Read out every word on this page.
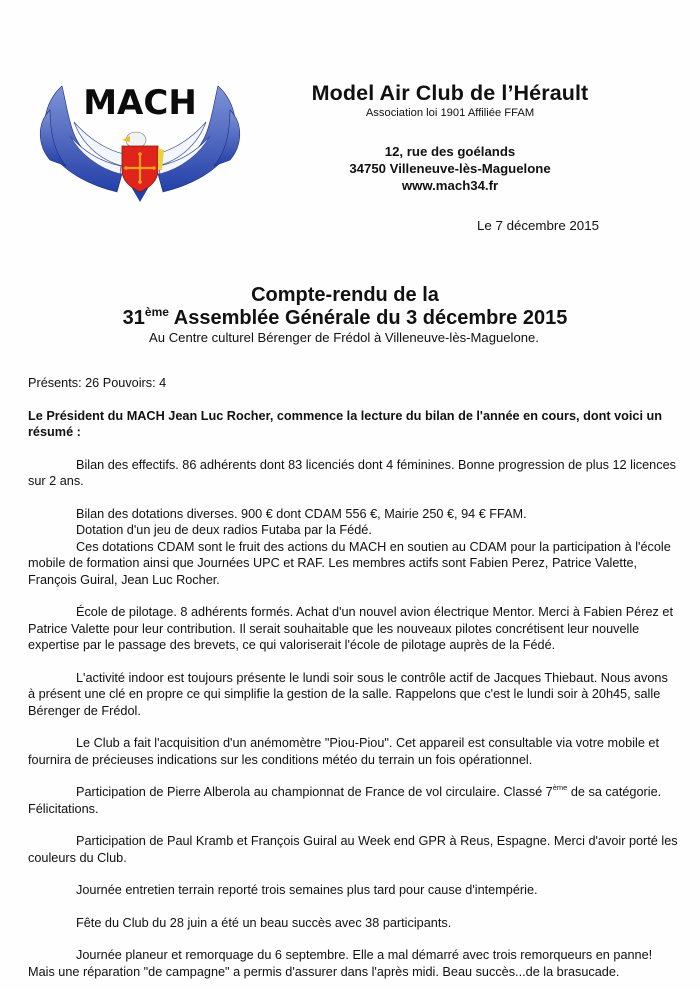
MACH	Model Air Club de l’Hérault
Association loi 1901 Affiliée FFAM
12, rue des goélands
34750 Villeneuve-lès-Maguelone
www.mach34.fr
Le 7 décembre 2015
Compte-rendu de la
31ème Assemblée Générale du 3 décembre 2015
Au Centre culturel Bérenger de Frédol à Villeneuve-lès-Maguelone.

Présents: 26 Pouvoirs: 4

Le Président du MACH Jean Luc Rocher, commence la lecture du bilan de l'année en cours, dont voici un résumé :

Bilan des effectifs. 86 adhérents dont 83 licenciés dont 4 féminines. Bonne progression de plus 12 licences sur 2 ans.

Bilan des dotations diverses. 900 € dont CDAM 556 €, Mairie 250 €, 94 € FFAM.

Dotation d'un jeu de deux radios Futaba par la Fédé.

Ces dotations CDAM sont le fruit des actions du MACH en soutien au CDAM pour la participation à l'école mobile de formation ainsi que Journées UPC et RAF. Les membres actifs sont Fabien Perez, Patrice Valette, François Guiral, Jean Luc Rocher.

École de pilotage. 8 adhérents formés. Achat d'un nouvel avion électrique Mentor. Merci à Fabien Pérez et Patrice Valette pour leur contribution. Il serait souhaitable que les nouveaux pilotes concrétisent leur nouvelle expertise par le passage des brevets, ce qui valoriserait l'école de pilotage auprès de la Fédé.

L'activité indoor est toujours présente le lundi soir sous le contrôle actif de Jacques Thiebaut. Nous avons à présent une clé en propre ce qui simplifie la gestion de la salle. Rappelons que c'est le lundi soir à 20h45, salle Bérenger de Frédol.

Le Club a fait l'acquisition d'un anémomètre "Piou-Piou". Cet appareil est consultable via votre mobile et fournira de précieuses indications sur les conditions météo du terrain un fois opérationnel.

Participation de Pierre Alberola au championnat de France de vol circulaire. Classé 7ème de sa catégorie. Félicitations.

Participation de Paul Kramb et François Guiral au Week end GPR à Reus, Espagne. Merci d'avoir porté les couleurs du Club.

Journée entretien terrain reporté trois semaines plus tard pour cause d'intempérie.

Fête du Club du 28 juin a été un beau succès avec 38 participants.

Journée planeur et remorquage du 6 septembre. Elle a mal démarré avec trois remorqueurs en panne! Mais une réparation "de campagne" a permis d'assurer dans l'après midi. Beau succès...de la brasucade.
